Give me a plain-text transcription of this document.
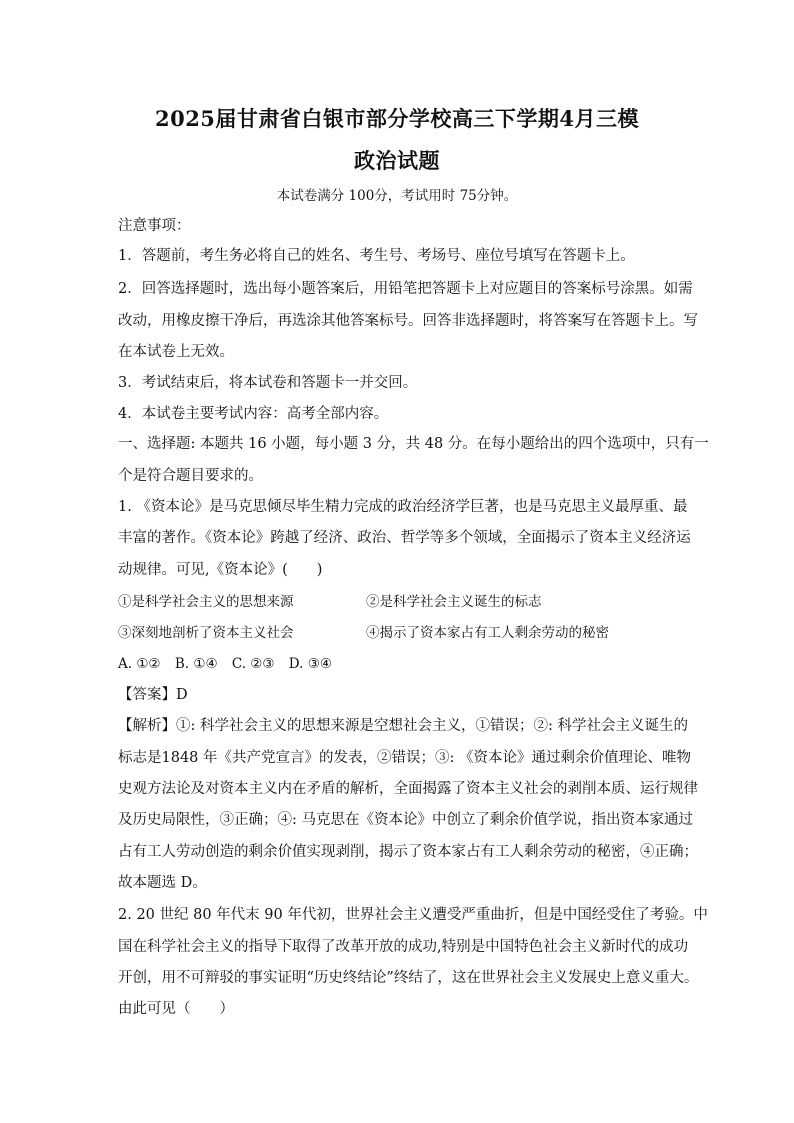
2025届甘肃省白银市部分学校高三下学期4月三模
政治试题
本试卷满分 100分，考试用时 75分钟。
注意事项：
1．答题前，考生务必将自己的姓名、考生号、考场号、座位号填写在答题卡上。
2．回答选择题时，选出每小题答案后，用铅笔把答题卡上对应题目的答案标号涂黑。如需
改动，用橡皮擦干净后，再选涂其他答案标号。回答非选择题时，将答案写在答题卡上。写
在本试卷上无效。
3．考试结束后，将本试卷和答题卡一并交回。
4．本试卷主要考试内容：高考全部内容。
一、选择题: 本题共 16 小题，每小题 3 分，共 48 分。在每小题给出的四个选项中，只有一
个是符合题目要求的。
1. 《资本论》是马克思倾尽毕生精力完成的政治经济学巨著，也是马克思主义最厚重、最
丰富的著作。《资本论》跨越了经济、政治、哲学等多个领域，全面揭示了资本主义经济运
动规律。可见,《资本论》(　　)
①是科学社会主义的思想来源	②是科学社会主义诞生的标志
③深刻地剖析了资本主义社会	④揭示了资本家占有工人剩余劳动的秘密
A. ①② B. ①④ C. ②③ D. ③④
【答案】D
【解析】①: 科学社会主义的思想来源是空想社会主义，①错误；②: 科学社会主义诞生的
标志是1848 年《共产党宣言》的发表，②错误；③: 《资本论》通过剩余价值理论、唯物
史观方法论及对资本主义内在矛盾的解析，全面揭露了资本主义社会的剥削本质、运行规律
及历史局限性，③正确；④: 马克思在《资本论》中创立了剩余价值学说，指出资本家通过
占有工人劳动创造的剩余价值实现剥削，揭示了资本家占有工人剩余劳动的秘密，④正确；
故本题选 D。
2. 20 世纪 80 年代末 90 年代初，世界社会主义遭受严重曲折，但是中国经受住了考验。中
国在科学社会主义的指导下取得了改革开放的成功,特别是中国特色社会主义新时代的成功
开创，用不可辩驳的事实证明“历史终结论”终结了，这在世界社会主义发展史上意义重大。
由此可见（　　）
